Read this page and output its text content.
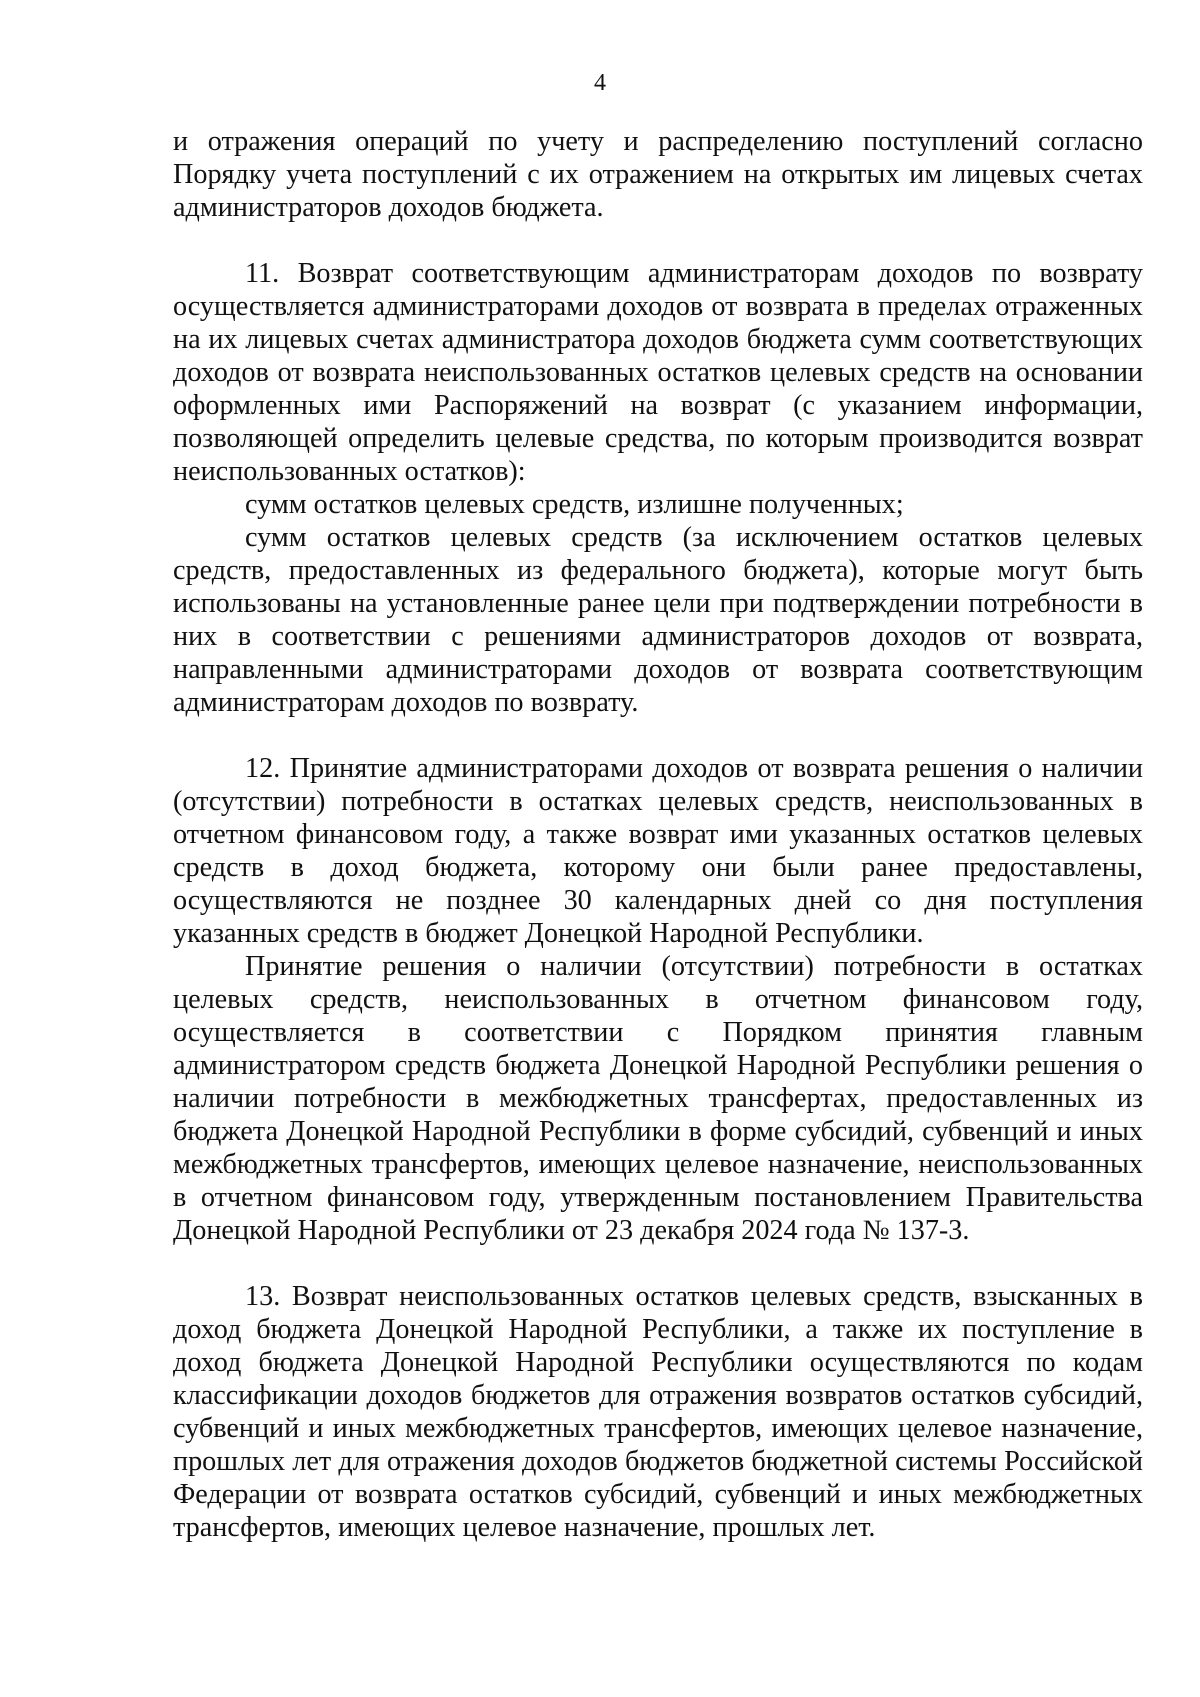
4

и отражения операций по учету и распределению поступлений согласно Порядку учета поступлений с их отражением на открытых им лицевых счетах администраторов доходов бюджета.

11. Возврат соответствующим администраторам доходов по возврату осуществляется администраторами доходов от возврата в пределах отраженных на их лицевых счетах администратора доходов бюджета сумм соответствующих доходов от возврата неиспользованных остатков целевых средств на основании оформленных ими Распоряжений на возврат (с указанием информации, позволяющей определить целевые средства, по которым производится возврат неиспользованных остатков):

сумм остатков целевых средств, излишне полученных;

сумм остатков целевых средств (за исключением остатков целевых средств, предоставленных из федерального бюджета), которые могут быть использованы на установленные ранее цели при подтверждении потребности в них в соответствии с решениями администраторов доходов от возврата, направленными администраторами доходов от возврата соответствующим администраторам доходов по возврату.

12. Принятие администраторами доходов от возврата решения о наличии (отсутствии) потребности в остатках целевых средств, неиспользованных в отчетном финансовом году, а также возврат ими указанных остатков целевых средств в доход бюджета, которому они были ранее предоставлены, осуществляются не позднее 30 календарных дней со дня поступления указанных средств в бюджет Донецкой Народной Республики.

Принятие решения о наличии (отсутствии) потребности в остатках целевых средств, неиспользованных в отчетном финансовом году, осуществляется в соответствии с Порядком принятия главным администратором средств бюджета Донецкой Народной Республики решения о наличии потребности в межбюджетных трансфертах, предоставленных из бюджета Донецкой Народной Республики в форме субсидий, субвенций и иных межбюджетных трансфертов, имеющих целевое назначение, неиспользованных в отчетном финансовом году, утвержденным постановлением Правительства Донецкой Народной Республики от 23 декабря 2024 года № 137-3.

13. Возврат неиспользованных остатков целевых средств, взысканных в доход бюджета Донецкой Народной Республики, а также их поступление в доход бюджета Донецкой Народной Республики осуществляются по кодам классификации доходов бюджетов для отражения возвратов остатков субсидий, субвенций и иных межбюджетных трансфертов, имеющих целевое назначение, прошлых лет для отражения доходов бюджетов бюджетной системы Российской Федерации от возврата остатков субсидий, субвенций и иных межбюджетных трансфертов, имеющих целевое назначение, прошлых лет.
